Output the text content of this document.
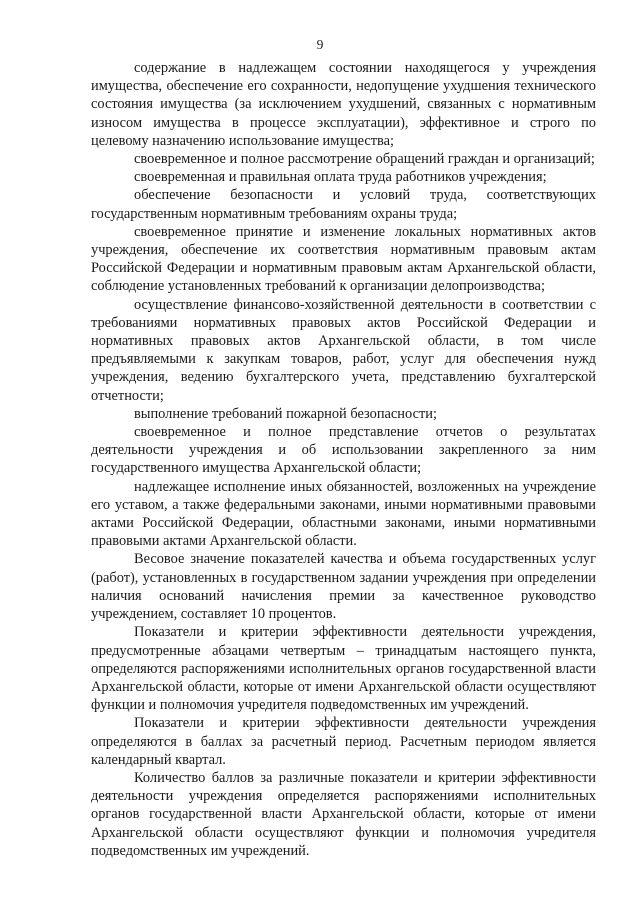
9

содержание в надлежащем состоянии находящегося у учреждения имущества, обеспечение его сохранности, недопущение ухудшения технического состояния имущества (за исключением ухудшений, связанных с нормативным износом имущества в процессе эксплуатации), эффективное и строго по целевому назначению использование имущества;

своевременное и полное рассмотрение обращений граждан и организаций;

своевременная и правильная оплата труда работников учреждения;

обеспечение безопасности и условий труда, соответствующих государственным нормативным требованиям охраны труда;

своевременное принятие и изменение локальных нормативных актов учреждения, обеспечение их соответствия нормативным правовым актам Российской Федерации и нормативным правовым актам Архангельской области, соблюдение установленных требований к организации делопроизводства;

осуществление финансово-хозяйственной деятельности в соответствии с требованиями нормативных правовых актов Российской Федерации и нормативных правовых актов Архангельской области, в том числе предъявляемыми к закупкам товаров, работ, услуг для обеспечения нужд учреждения, ведению бухгалтерского учета, представлению бухгалтерской отчетности;

выполнение требований пожарной безопасности;

своевременное и полное представление отчетов о результатах деятельности учреждения и об использовании закрепленного за ним государственного имущества Архангельской области;

надлежащее исполнение иных обязанностей, возложенных на учреждение его уставом, а также федеральными законами, иными нормативными правовыми актами Российской Федерации, областными законами, иными нормативными правовыми актами Архангельской области.

Весовое значение показателей качества и объема государственных услуг (работ), установленных в государственном задании учреждения при определении наличия оснований начисления премии за качественное руководство учреждением, составляет 10 процентов.

Показатели и критерии эффективности деятельности учреждения, предусмотренные абзацами четвертым – тринадцатым настоящего пункта, определяются распоряжениями исполнительных органов государственной власти Архангельской области, которые от имени Архангельской области осуществляют функции и полномочия учредителя подведомственных им учреждений.

Показатели и критерии эффективности деятельности учреждения определяются в баллах за расчетный период. Расчетным периодом является календарный квартал.

Количество баллов за различные показатели и критерии эффективности деятельности учреждения определяется распоряжениями исполнительных органов государственной власти Архангельской области, которые от имени Архангельской области осуществляют функции и полномочия учредителя подведомственных им учреждений.
